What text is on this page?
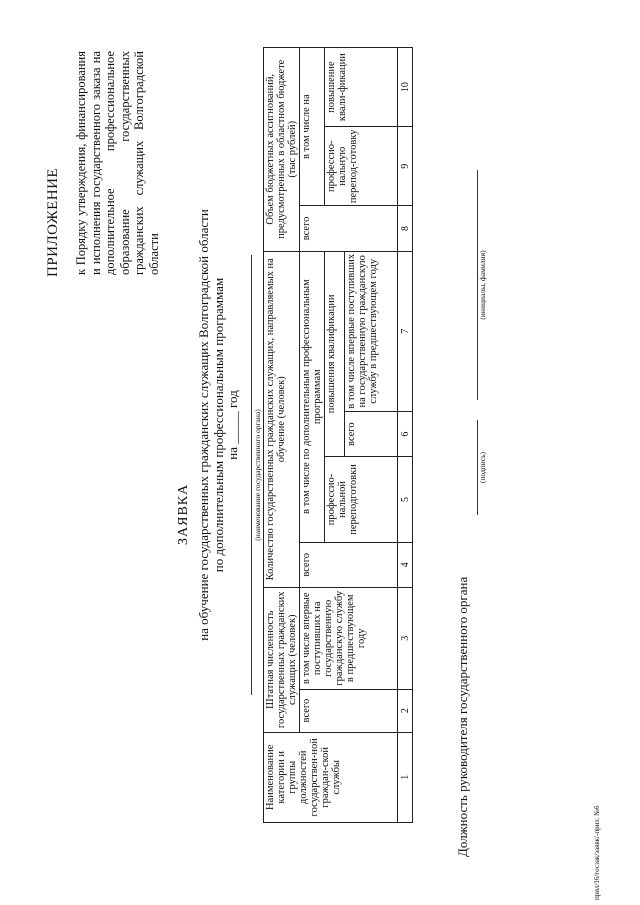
ПРИЛОЖЕНИЕ к Порядку утверждения, финансирования и исполнения государственного заказа на дополнительное профессиональное образование государственных гражданских служащих Волгоградской области
ЗАЯВКА на обучение государственных гражданских служащих Волгоградской области по дополнительным профессиональным программам на _____ год (наименование государственного органа)
Наименование категории и группы должностей государствен-ной граждан-ской службы	Штатная численность государственных гражданских служащих (человек)		Количество государственных гражданских служащих, направляемых на обучение (человек)				Объем бюджетных ассигнований, предусмотренных в областном бюджете (тыс рублей)		
	всего	в том числе впервые поступивших на государственную гражданскую службу в предшествующем году	всего	в том числе по дополнительным профессиональным программам			всего	в том числе на	
				профессио-нальной переподготовки	повышения квалификации			профессио-нальную перепод-готовку	повышение квали-фикации
					всего	в том числе впервые поступивших на государственную гражданскую службу в предшествующем году			
1	2	3	4	5	6	7	8	9	10
Должность руководителя государственного органа
(подпись)
(инициалы, фамилия)
прил/16/госзак/заявк/-прил. №6
